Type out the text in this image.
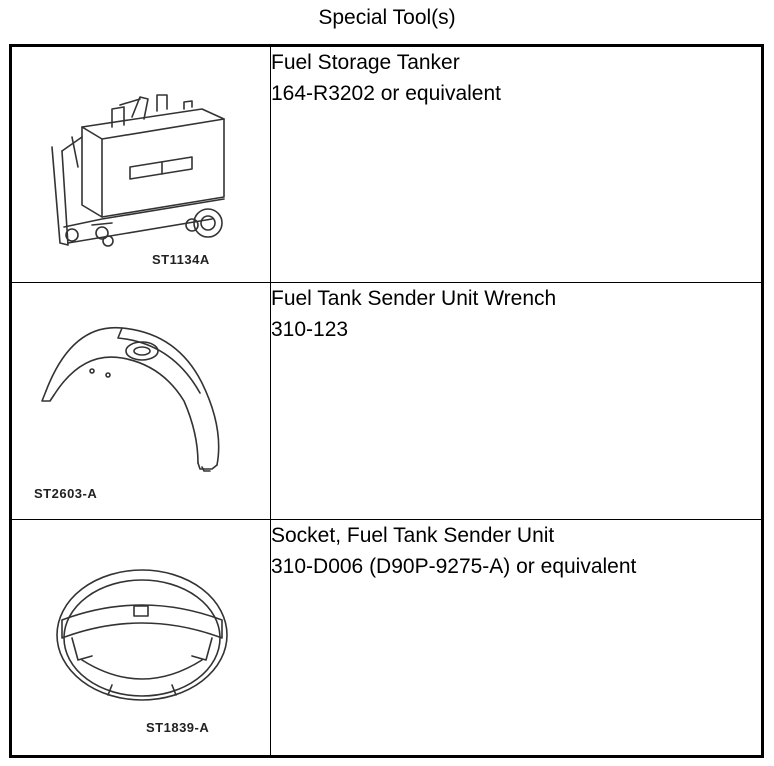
Special Tool(s)
ST1134A	Fuel Storage Tanker
164-R3202 or equivalent

ST2603-A	Fuel Tank Sender Unit Wrench
310-123

ST1839-A	Socket, Fuel Tank Sender Unit
310-D006 (D90P-9275-A) or equivalent
